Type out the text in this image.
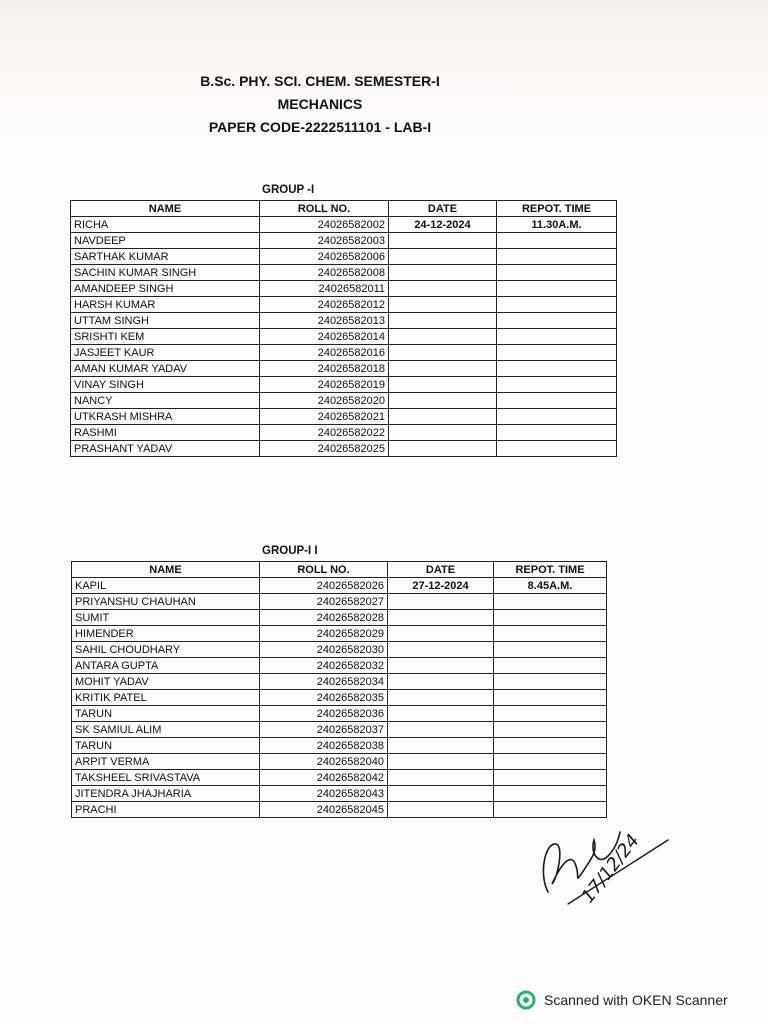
B.Sc. PHY. SCI. CHEM. SEMESTER-I
MECHANICS
PAPER CODE-2222511101 - LAB-I
GROUP -I
NAME	ROLL NO.	DATE	REPOT. TIME
RICHA	24026582002	24-12-2024	11.30A.M.
NAVDEEP	24026582003		
SARTHAK KUMAR	24026582006		
SACHIN KUMAR SINGH	24026582008		
AMANDEEP SINGH	24026582011		
HARSH KUMAR	24026582012		
UTTAM SINGH	24026582013		
SRISHTI KEM	24026582014		
JASJEET KAUR	24026582016		
AMAN KUMAR YADAV	24026582018		
VINAY SINGH	24026582019		
NANCY	24026582020		
UTKRASH MISHRA	24026582021		
RASHMI	24026582022		
PRASHANT YADAV	24026582025		
GROUP-I I
NAME	ROLL NO.	DATE	REPOT. TIME
KAPIL	24026582026	27-12-2024	8.45A.M.
PRIYANSHU CHAUHAN	24026582027		
SUMIT	24026582028		
HIMENDER	24026582029		
SAHIL CHOUDHARY	24026582030		
ANTARA GUPTA	24026582032		
MOHIT YADAV	24026582034		
KRITIK PATEL	24026582035		
TARUN	24026582036		
SK SAMIUL ALIM	24026582037		
TARUN	24026582038		
ARPIT VERMA	24026582040		
TAKSHEEL SRIVASTAVA	24026582042		
JITENDRA JHAJHARIA	24026582043		
PRACHI	24026582045		
17/12/24
Scanned with OKEN Scanner
